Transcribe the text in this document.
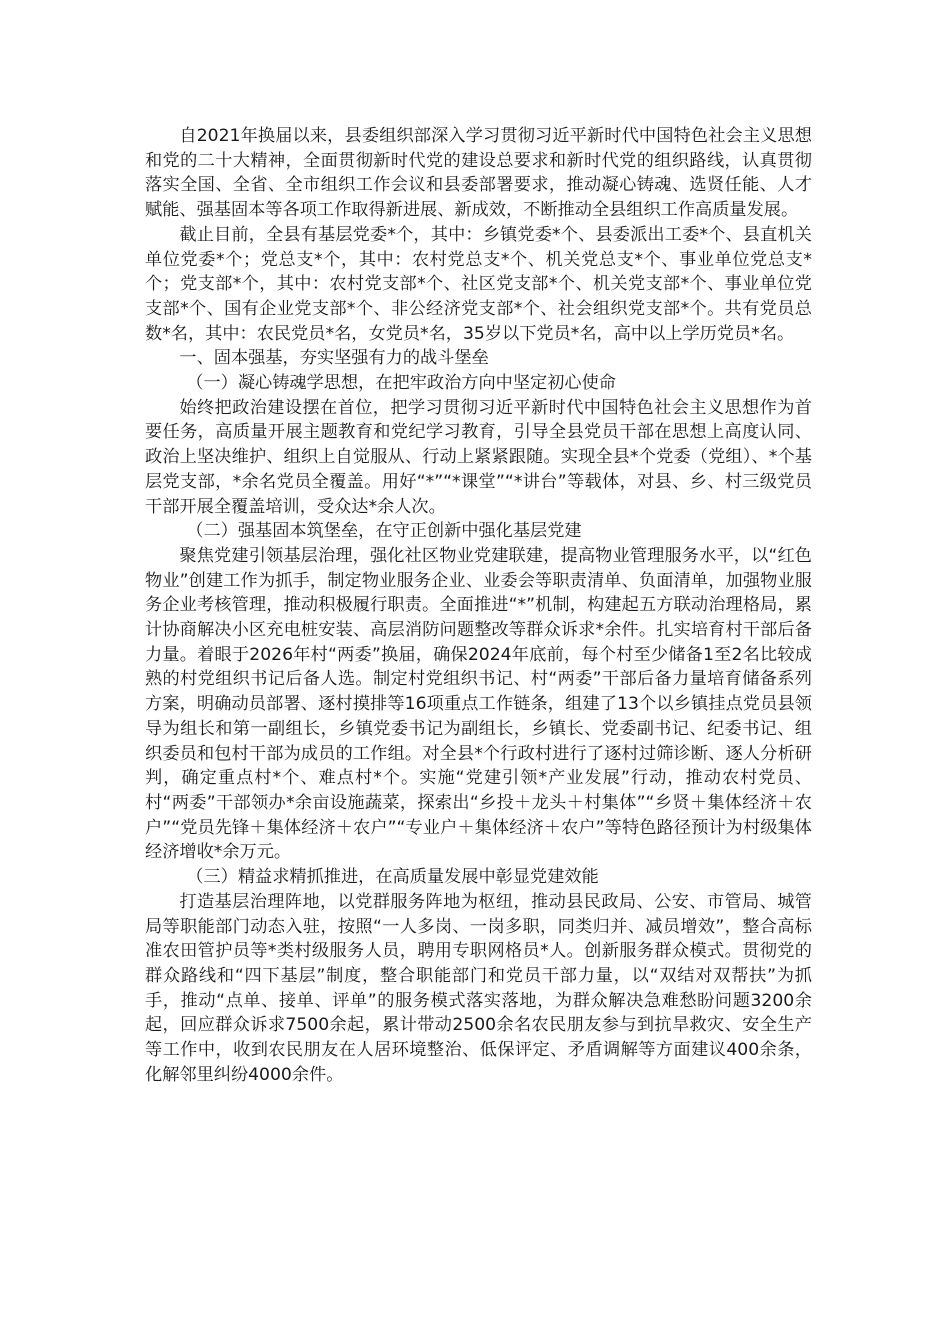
自2021年换届以来，县委组织部深入学习贯彻习近平新时代中国特色社会主义思想和党的二十大精神，全面贯彻新时代党的建设总要求和新时代党的组织路线，认真贯彻落实全国、全省、全市组织工作会议和县委部署要求，推动凝心铸魂、选贤任能、人才赋能、强基固本等各项工作取得新进展、新成效，不断推动全县组织工作高质量发展。

截止目前，全县有基层党委*个，其中：乡镇党委*个、县委派出工委*个、县直机关单位党委*个；党总支*个，其中：农村党总支*个、机关党总支*个、事业单位党总支*个；党支部*个，其中：农村党支部*个、社区党支部*个、机关党支部*个、事业单位党支部*个、国有企业党支部*个、非公经济党支部*个、社会组织党支部*个。共有党员总数*名，其中：农民党员*名，女党员*名，35岁以下党员*名，高中以上学历党员*名。

一、固本强基，夯实坚强有力的战斗堡垒

（一）凝心铸魂学思想，在把牢政治方向中坚定初心使命

始终把政治建设摆在首位，把学习贯彻习近平新时代中国特色社会主义思想作为首要任务，高质量开展主题教育和党纪学习教育，引导全县党员干部在思想上高度认同、政治上坚决维护、组织上自觉服从、行动上紧紧跟随。实现全县*个党委（党组）、*个基层党支部，*余名党员全覆盖。用好“*”“*课堂”“*讲台”等载体，对县、乡、村三级党员干部开展全覆盖培训，受众达*余人次。

（二）强基固本筑堡垒，在守正创新中强化基层党建

聚焦党建引领基层治理，强化社区物业党建联建，提高物业管理服务水平，以“红色物业”创建工作为抓手，制定物业服务企业、业委会等职责清单、负面清单，加强物业服务企业考核管理，推动积极履行职责。全面推进“*”机制，构建起五方联动治理格局，累计协商解决小区充电桩安装、高层消防问题整改等群众诉求*余件。扎实培育村干部后备力量。着眼于2026年村“两委”换届，确保2024年底前，每个村至少储备1至2名比较成熟的村党组织书记后备人选。制定村党组织书记、村“两委”干部后备力量培育储备系列方案，明确动员部署、逐村摸排等16项重点工作链条，组建了13个以乡镇挂点党员县领导为组长和第一副组长，乡镇党委书记为副组长，乡镇长、党委副书记、纪委书记、组织委员和包村干部为成员的工作组。对全县*个行政村进行了逐村过筛诊断、逐人分析研判，确定重点村*个、难点村*个。实施“党建引领*产业发展”行动，推动农村党员、村“两委”干部领办*余亩设施蔬菜，探索出“乡投＋龙头＋村集体”“乡贤＋集体经济＋农户”“党员先锋＋集体经济＋农户”“专业户＋集体经济＋农户”等特色路径预计为村级集体经济增收*余万元。

（三）精益求精抓推进，在高质量发展中彰显党建效能

打造基层治理阵地，以党群服务阵地为枢纽，推动县民政局、公安、市管局、城管局等职能部门动态入驻，按照“一人多岗、一岗多职，同类归并、减员增效”，整合高标准农田管护员等*类村级服务人员，聘用专职网格员*人。创新服务群众模式。贯彻党的群众路线和“四下基层”制度，整合职能部门和党员干部力量，以“双结对双帮扶”为抓手，推动“点单、接单、评单”的服务模式落实落地，为群众解决急难愁盼问题3200余起，回应群众诉求7500余起，累计带动2500余名农民朋友参与到抗旱救灾、安全生产等工作中，收到农民朋友在人居环境整治、低保评定、矛盾调解等方面建议400余条，化解邻里纠纷4000余件。
